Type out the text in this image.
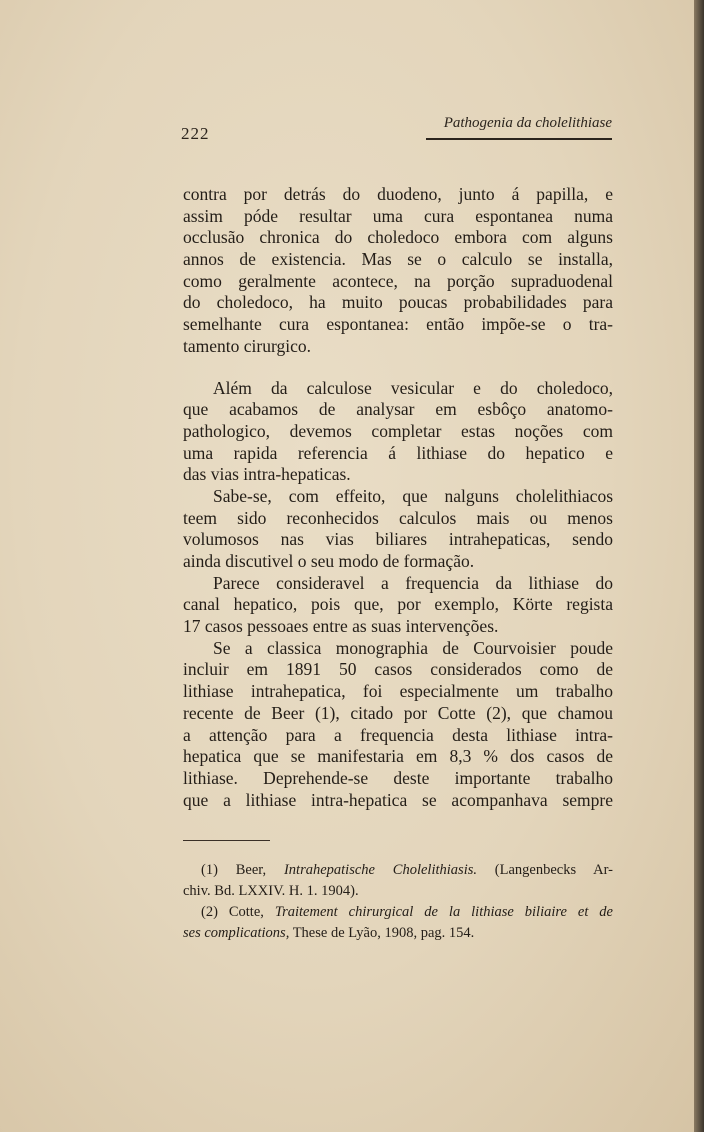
222
Pathogenia da cholelithiase
contra por detrás do duodeno, junto á papilla, e
assim póde resultar uma cura espontanea numa
occlusão chronica do choledoco embora com alguns
annos de existencia. Mas se o calculo se installa,
como geralmente acontece, na porção supraduodenal
do choledoco, ha muito poucas probabilidades para
semelhante cura espontanea: então impõe-se o tra-
tamento cirurgico.
Além da calculose vesicular e do choledoco,
que acabamos de analysar em esbôço anatomo-
pathologico, devemos completar estas noções com
uma rapida referencia á lithiase do hepatico e
das vias intra-hepaticas.
Sabe-se, com effeito, que nalguns cholelithiacos
teem sido reconhecidos calculos mais ou menos
volumosos nas vias biliares intrahepaticas, sendo
ainda discutivel o seu modo de formação.
Parece consideravel a frequencia da lithiase do
canal hepatico, pois que, por exemplo, Körte regista
17 casos pessoaes entre as suas intervenções.
Se a classica monographia de Courvoisier poude
incluir em 1891 50 casos considerados como de
lithiase intrahepatica, foi especialmente um trabalho
recente de Beer (1), citado por Cotte (2), que chamou
a attenção para a frequencia desta lithiase intra-
hepatica que se manifestaria em 8,3 % dos casos de
lithiase. Deprehende-se deste importante trabalho
que a lithiase intra-hepatica se acompanhava sempre
(1) Beer, Intrahepatische Cholelithiasis. (Langenbecks Ar-
chiv. Bd. LXXIV. H. 1. 1904).
(2) Cotte, Traitement chirurgical de la lithiase biliaire et de
ses complications, These de Lyão, 1908, pag. 154.
